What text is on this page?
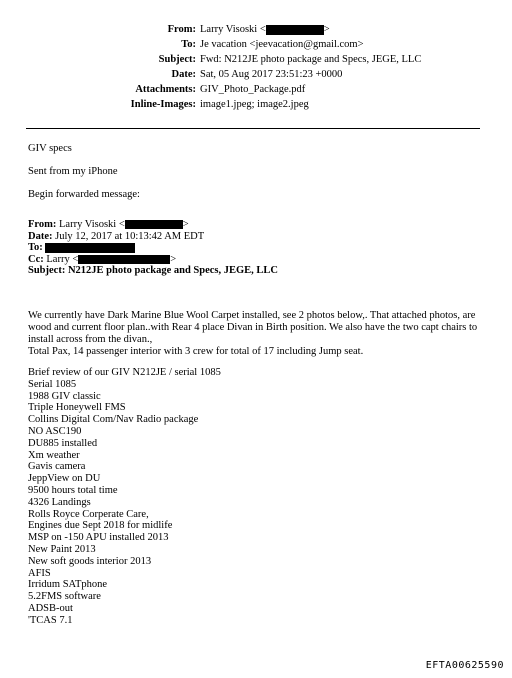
From: Larry Visoski <	>
To: Je vacation <jeevacation@gmail.com>
Subject: Fwd: N212JE photo package and Specs, JEGE, LLC
Date: Sat, 05 Aug 2017 23:51:23 +0000
Attachments: GIV_Photo_Package.pdf
Inline-Images: image1.jpeg; image2.jpeg
GIV specs
Sent from my iPhone
Begin forwarded message:
From: Larry Visoski <	>
Date: July 12, 2017 at 10:13:42 AM EDT
To:
Cc: Larry <	>
Subject: N212JE photo package and Specs, JEGE, LLC
We currently have Dark Marine Blue Wool Carpet installed, see 2 photos below,. That attached photos, are
wood and current floor plan..with Rear 4 place Divan in Birth position. We also have the two capt chairs to
install across from the divan.,
Total Pax, 14 passenger interior with 3 crew for total of 17 including Jump seat.
Brief review of our GIV N212JE / serial 1085
Serial 1085
1988 GIV classic
Triple Honeywell FMS
Collins Digital Com/Nav Radio package
NO ASC190
DU885 installed
Xm weather
Gavis camera
JeppView on DU
9500 hours total time
4326 Landings
Rolls Royce Corperate Care,
Engines due Sept 2018 for midlife
MSP on -150 APU installed 2013
New Paint 2013
New soft goods interior 2013
AFIS
Irridum SATphone
5.2FMS software
ADSB-out
'TCAS 7.1
EFTA00625590
